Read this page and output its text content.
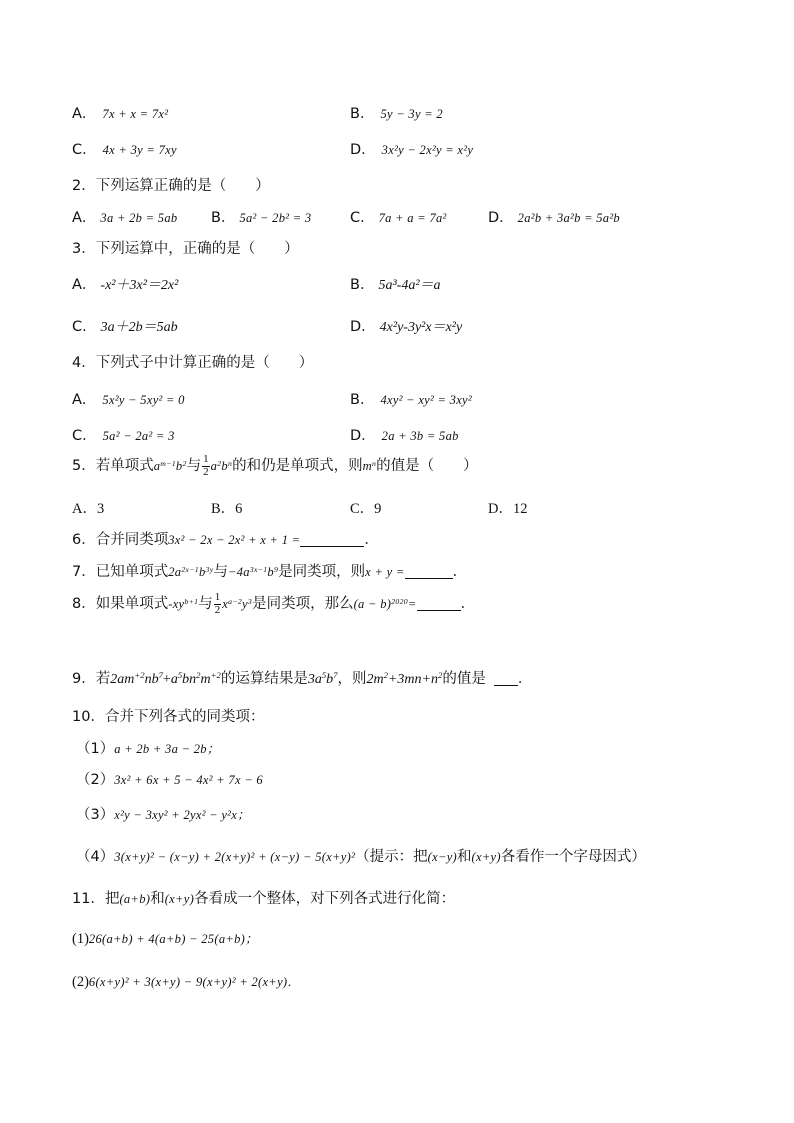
A． 7x + x = 7x²	B． 5y − 3y = 2
C． 4x + 3y = 7xy	D． 3x²y − 2x²y = x²y
2．下列运算正确的是（　　）
A． 3a + 2b = 5ab B． 5a² − 2b² = 3	C． 7a + a = 7a²	D． 2a²b + 3a²b = 5a²b
3．下列运算中，正确的是（　　）
A． -x²＋3x²＝2x²	B． 5a³-4a²＝a
C． 3a＋2b＝5ab	D． 4x²y-3y²x＝x²y
4．下列式子中计算正确的是（　　）
A． 5x²y − 5xy² = 0	B． 4xy² − xy² = 3xy²
C． 5a² − 2a² = 3	D． 2a + 3b = 5ab
5．若单项式$a^{m-1}b^2$与 $\frac{1}{2} a^2b^n$的和仍是单项式，则$m^n$的值是（　　）
A．3	B．6	C．9	D．12
6．合并同类项3x² − 2x − 2x² + x + 1 =	．
7．已知单项式$2a^{2x-1}b^{3y}$与$-4a^{3x-1}b^9$是同类项，则x + y =	．
8．如果单项式$-xy^{b+1}$与 $\frac{1}{2} x^{a-2}y^3$是同类项，那么$(a - b)^{2020}=$	．
9．若$2am^{+2}nb^7+a^5bn^2m^{+2}$的运算结果是$3a^5b^7$，则$2m^2+3mn+n^2$的值是 ．
10．合并下列各式的同类项：
（1）a + 2b + 3a − 2b；
（2）3x² + 6x + 5 − 4x² + 7x − 6
（3）x²y − 3xy² + 2yx² − y²x；
（4）3(x+y)² − (x−y) + 2(x+y)² + (x−y) − 5(x+y)²（提示：把(x−y)和(x+y)各看作一个字母因式）
11．把(a+b)和(x+y)各看成一个整体，对下列各式进行化简：
(1)26(a+b) + 4(a+b) − 25(a+b)；
(2)6(x+y)² + 3(x+y) − 9(x+y)² + 2(x+y)．
